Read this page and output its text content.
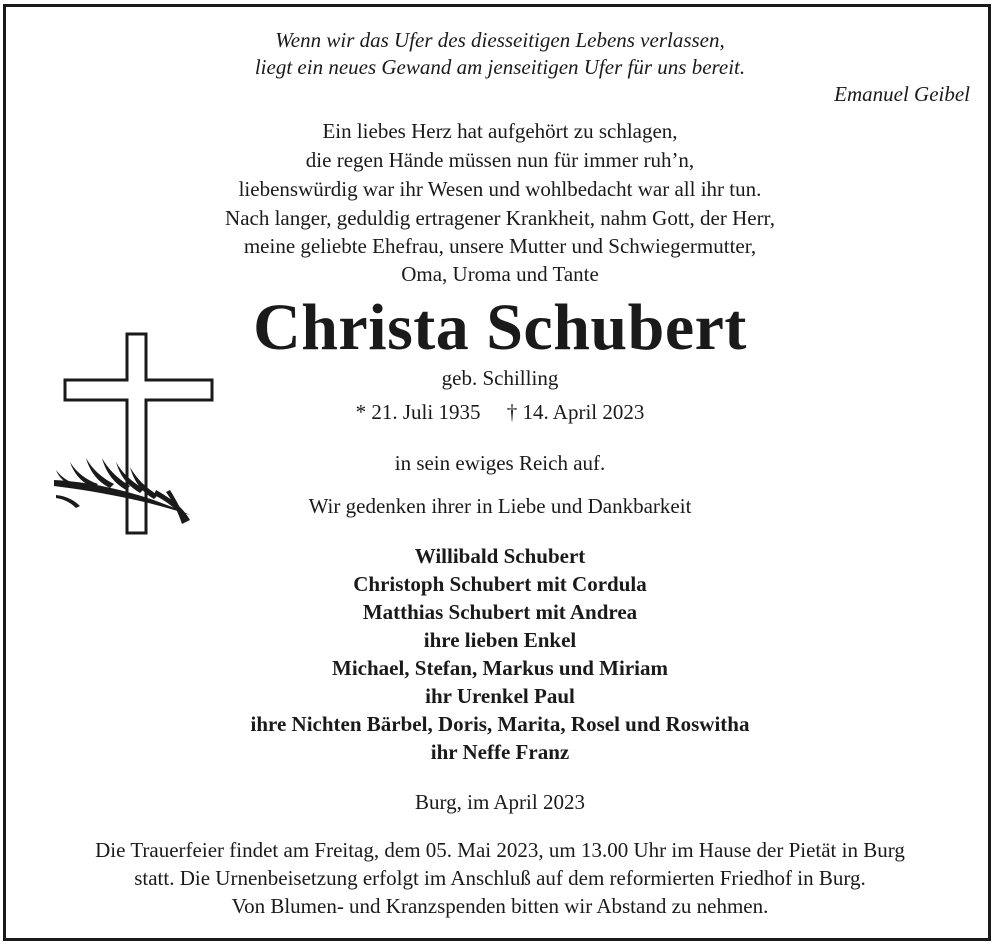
Wenn wir das Ufer des diesseitigen Lebens verlassen,
liegt ein neues Gewand am jenseitigen Ufer für uns bereit.
Emanuel Geibel
Ein liebes Herz hat aufgehört zu schlagen,
die regen Hände müssen nun für immer ruh’n,
liebenswürdig war ihr Wesen und wohlbedacht war all ihr tun.
Nach langer, geduldig ertragener Krankheit, nahm Gott, der Herr,
meine geliebte Ehefrau, unsere Mutter und Schwiegermutter,
Oma, Uroma und Tante
Christa Schubert
geb. Schilling
* 21. Juli 1935     † 14. April 2023
in sein ewiges Reich auf.
Wir gedenken ihrer in Liebe und Dankbarkeit
Willibald Schubert
Christoph Schubert mit Cordula
Matthias Schubert mit Andrea
ihre lieben Enkel
Michael, Stefan, Markus und Miriam
ihr Urenkel Paul
ihre Nichten Bärbel, Doris, Marita, Rosel und Roswitha
ihr Neffe Franz
Burg, im April 2023
Die Trauerfeier findet am Freitag, dem 05. Mai 2023, um 13.00 Uhr im Hause der Pietät in Burg
statt. Die Urnenbeisetzung erfolgt im Anschluß auf dem reformierten Friedhof in Burg.
Von Blumen- und Kranzspenden bitten wir Abstand zu nehmen.
